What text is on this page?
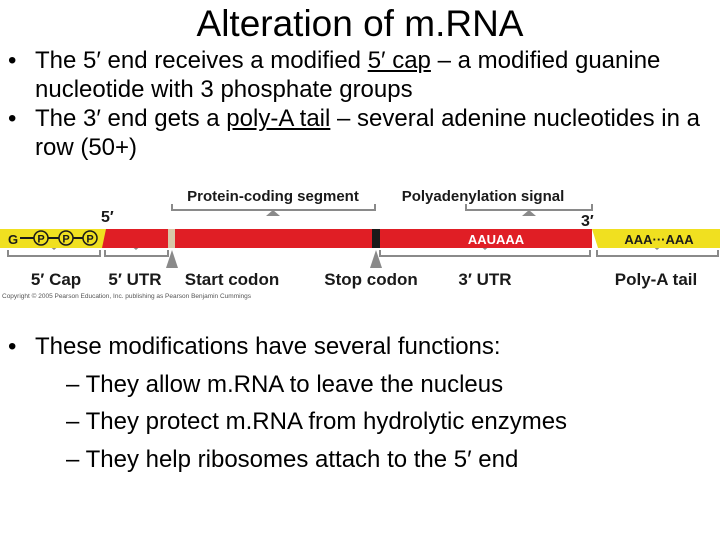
Alteration of m.RNA
• The 5′ end receives a modified 5′ cap – a modified guanine nucleotide with 3 phosphate groups
• The 3′ end gets a poly-A tail – several adenine nucleotides in a row (50+)
G P P P	AAUAAA	AAA···AAA
Protein-coding segment	Polyadenylation signal
5′	3′
5′ Cap 5′ UTR Start codon	Stop codon 3′ UTR	Poly-A tail
Copyright © 2005 Pearson Education, Inc. publishing as Pearson Benjamin Cummings
• These modifications have several functions:
– They allow m.RNA to leave the nucleus
– They protect m.RNA from hydrolytic enzymes
– They help ribosomes attach to the 5′ end
